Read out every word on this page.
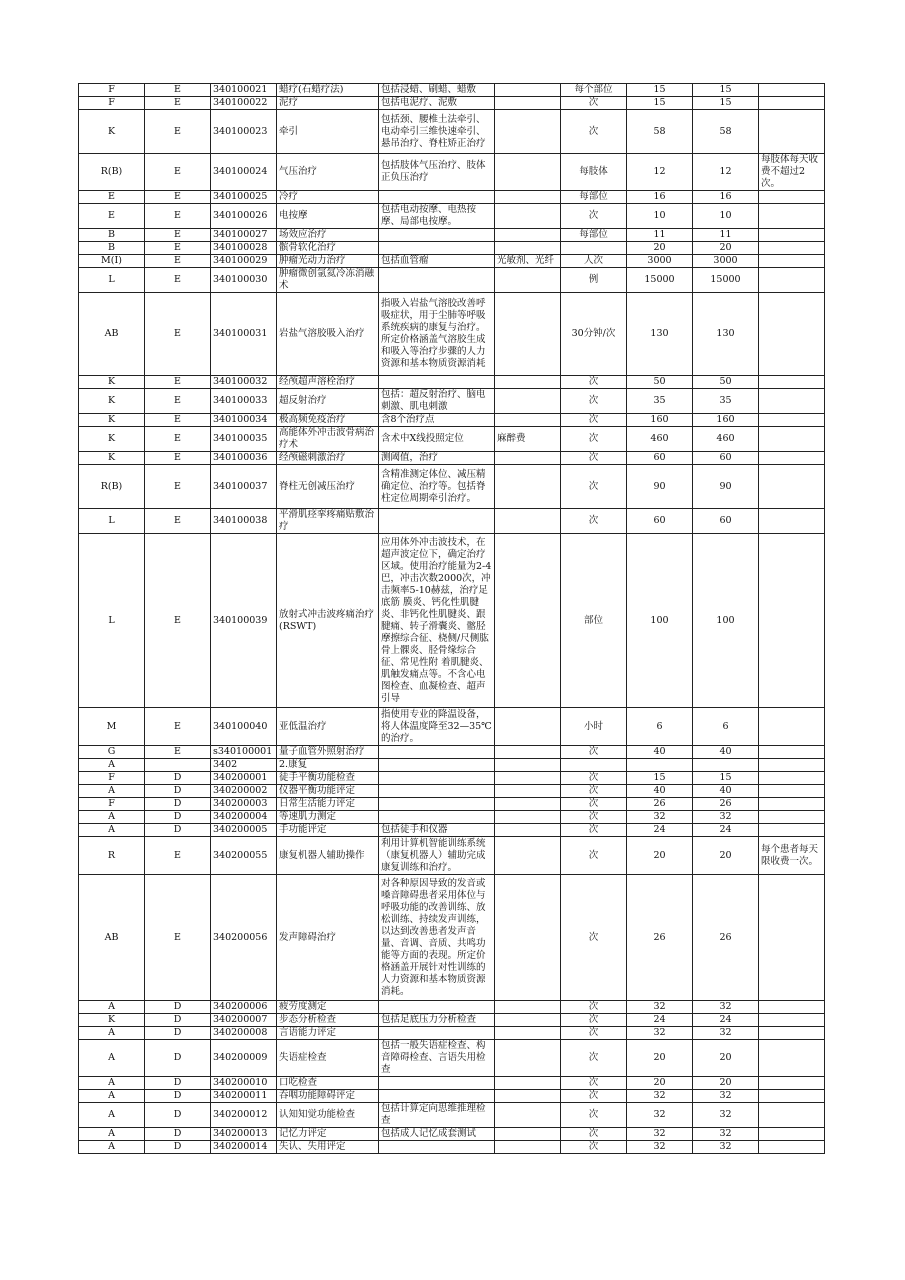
F	E	340100021	蜡疗(石蜡疗法)	包括浸蜡、刷蜡、蜡敷		每个部位	15	15	
F	E	340100022	泥疗	包括电泥疗、泥敷		次	15	15	
K	E	340100023	牵引	包括颈、腰椎土法牵引、电动牵引三维快速牵引、悬吊治疗、脊柱矫正治疗		次	58	58	
R(B)	E	340100024	气压治疗	包括肢体气压治疗、肢体正负压治疗		每肢体	12	12	每肢体每天收费不超过2次。
E	E	340100025	冷疗			每部位	16	16	
E	E	340100026	电按摩	包括电动按摩、电热按摩、局部电按摩。		次	10	10	
B	E	340100027	场效应治疗			每部位	11	11	
B	E	340100028	髌骨软化治疗				20	20	
M(I)	E	340100029	肿瘤光动力治疗	包括血管瘤	光敏剂、光纤	人次	3000	3000	
L	E	340100030	肿瘤微创氩氦冷冻消融术			例	15000	15000	
AB	E	340100031	岩盐气溶胶吸入治疗	指吸入岩盐气溶胶改善呼吸症状，用于尘肺等呼吸系统疾病的康复与治疗。所定价格涵盖气溶胶生成和吸入等治疗步骤的人力资源和基本物质资源消耗		30分钟/次	130	130	
K	E	340100032	经颅超声溶栓治疗			次	50	50	
K	E	340100033	超反射治疗	包括：超反射治疗、脑电刺激、肌电刺激		次	35	35	
K	E	340100034	极高频免疫治疗	含8个治疗点		次	160	160	
K	E	340100035	高能体外冲击波骨病治疗术	含术中X线投照定位	麻醉费	次	460	460	
K	E	340100036	经颅磁刺激治疗	测阈值，治疗		次	60	60	
R(B)	E	340100037	脊柱无创减压治疗	含精准测定体位、减压精确定位、治疗等。包括脊柱定位周期牵引治疗。		次	90	90	
L	E	340100038	平滑肌痉挛疼痛贴敷治疗			次	60	60	
L	E	340100039	放射式冲击波疼痛治疗(RSWT)	应用体外冲击波技术，在超声波定位下，确定治疗区域。使用治疗能量为2-4巴，冲击次数2000次，冲击频率5-10赫兹，治疗足底筋 膜炎、钙化性肌腱炎、非钙化性肌腱炎、跟腱痛、转子滑囊炎、髂胫摩擦综合征、桡侧/尺侧肱骨上髁炎、胫骨缘综合征、常见性附 着肌腱炎、肌触发痛点等。不含心电图检查、血凝检查、超声引导		部位	100	100	
M	E	340100040	亚低温治疗	指使用专业的降温设备，将人体温度降至32—35℃的治疗。		小时	6	6	
G	E	s340100001	量子血管外照射治疗			次	40	40	
A		3402	2.康复						
F	D	340200001	徒手平衡功能检查			次	15	15	
A	D	340200002	仪器平衡功能评定			次	40	40	
F	D	340200003	日常生活能力评定			次	26	26	
A	D	340200004	等速肌力测定			次	32	32	
A	D	340200005	手功能评定	包括徒手和仪器		次	24	24	
R	E	340200055	康复机器人辅助操作	利用计算机智能训练系统（康复机器人）辅助完成康复训练和治疗。		次	20	20	每个患者每天限收费一次。
AB	E	340200056	发声障碍治疗	对各种原因导致的发音或嗓音障碍患者采用体位与呼吸功能的改善训练、放松训练、持续发声训练，以达到改善患者发声音量、音调、音质、共鸣功能等方面的表现。所定价格涵盖开展针对性训练的人力资源和基本物质资源消耗。		次	26	26	
A	D	340200006	疲劳度测定			次	32	32	
K	D	340200007	步态分析检查	包括足底压力分析检查		次	24	24	
A	D	340200008	言语能力评定			次	32	32	
A	D	340200009	失语症检查	包括一般失语症检查、构音障碍检查、言语失用检查		次	20	20	
A	D	340200010	口吃检查			次	20	20	
A	D	340200011	吞咽功能障碍评定			次	32	32	
A	D	340200012	认知知觉功能检查	包括计算定向思维推理检查		次	32	32	
A	D	340200013	记忆力评定	包括成人记忆成套测试		次	32	32	
A	D	340200014	失认、失用评定			次	32	32	
